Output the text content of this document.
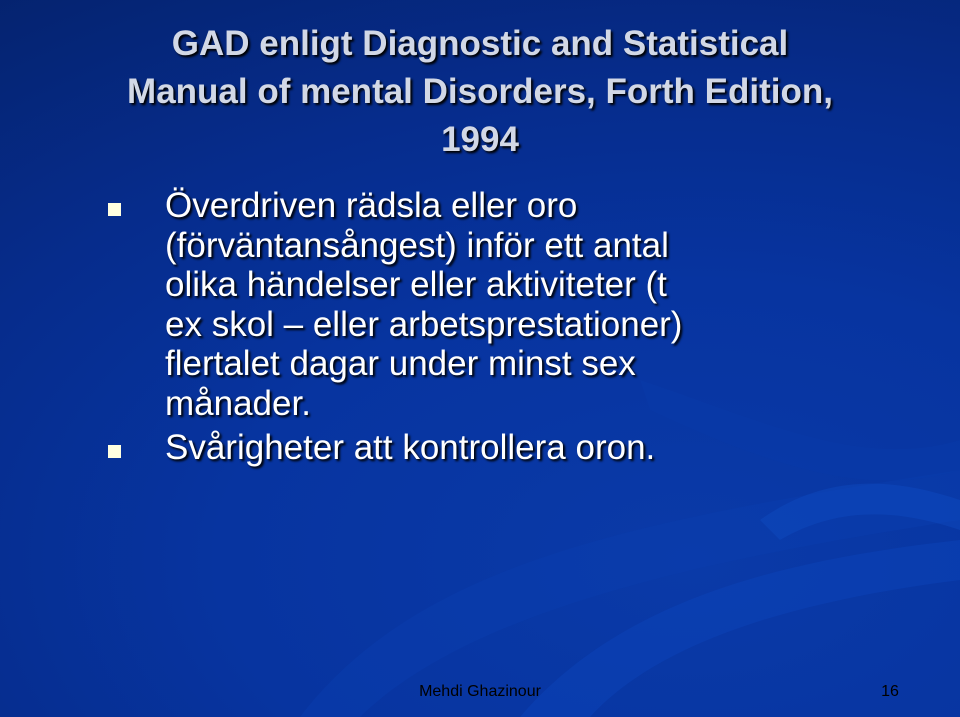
GAD enligt Diagnostic and Statistical
Manual of mental Disorders, Forth Edition,
1994
Överdriven rädsla eller oro
(förväntansångest) inför ett antal
olika händelser eller aktiviteter (t
ex skol – eller arbetsprestationer)
flertalet dagar under minst sex
månader.
Svårigheter att kontrollera oron.
Mehdi Ghazinour	16
